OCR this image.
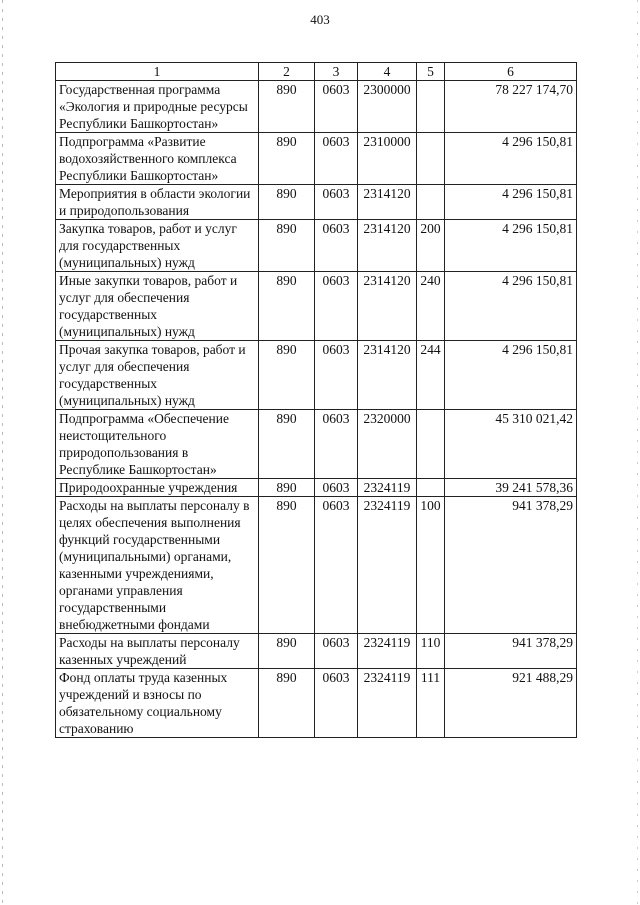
403
1	2	3	4	5	6
Государственная программа «Экология и природные ресурсы Республики Башкортостан»	890	0603	2300000		78 227 174,70
Подпрограмма «Развитие водохозяйственного комплекса Республики Башкортостан»	890	0603	2310000		4 296 150,81
Мероприятия в области экологии и природопользования	890	0603	2314120		4 296 150,81
Закупка товаров, работ и услуг для государственных (муниципальных) нужд	890	0603	2314120	200	4 296 150,81
Иные закупки товаров, работ и услуг для обеспечения государственных (муниципальных) нужд	890	0603	2314120	240	4 296 150,81
Прочая закупка товаров, работ и услуг для обеспечения государственных (муниципальных) нужд	890	0603	2314120	244	4 296 150,81
Подпрограмма «Обеспечение неистощительного природопользования в Республике Башкортостан»	890	0603	2320000		45 310 021,42
Природоохранные учреждения	890	0603	2324119		39 241 578,36
Расходы на выплаты персоналу в целях обеспечения выполнения функций государственными (муниципальными) органами, казенными учреждениями, органами управления государственными внебюджетными фондами	890	0603	2324119	100	941 378,29
Расходы на выплаты персоналу казенных учреждений	890	0603	2324119	110	941 378,29
Фонд оплаты труда казенных учреждений и взносы по обязательному социальному страхованию	890	0603	2324119	111	921 488,29
